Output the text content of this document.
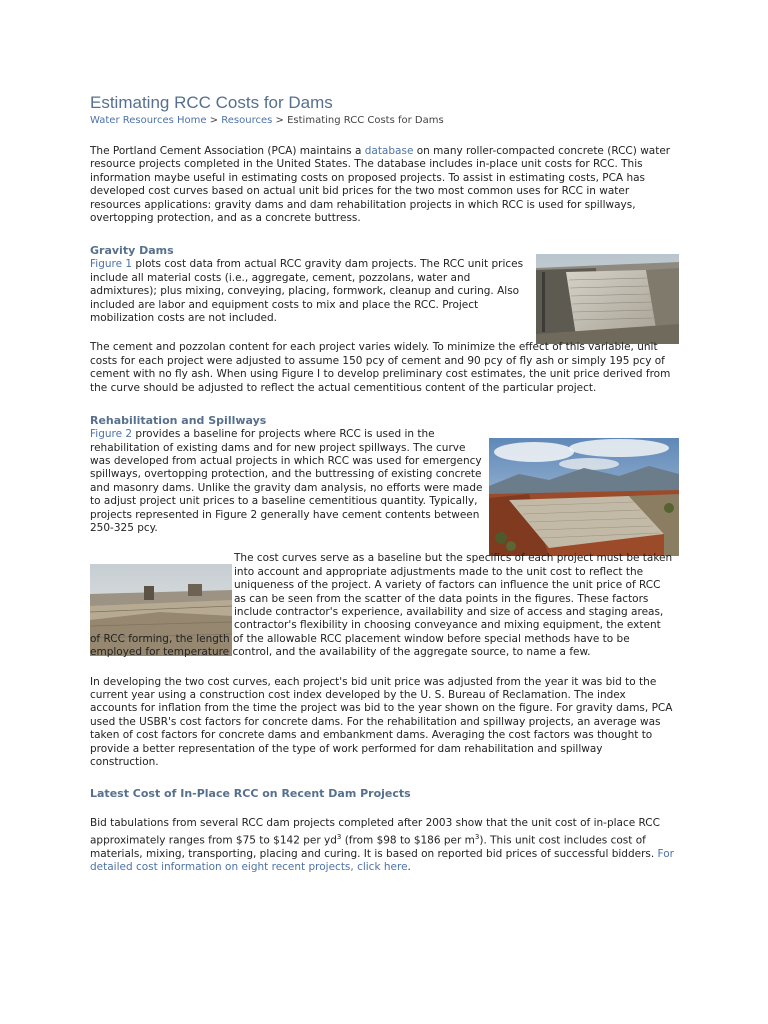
Estimating RCC Costs for Dams
Water Resources Home > Resources > Estimating RCC Costs for Dams

The Portland Cement Association (PCA) maintains a database on many roller-compacted concrete (RCC) water resource projects completed in the United States. The database includes in-place unit costs for RCC. This information maybe useful in estimating costs on proposed projects. To assist in estimating costs, PCA has developed cost curves based on actual unit bid prices for the two most common uses for RCC in water resources applications: gravity dams and dam rehabilitation projects in which RCC is used for spillways, overtopping protection, and as a concrete buttress.

Gravity Dams

Figure 1 plots cost data from actual RCC gravity dam projects. The RCC unit prices include all material costs (i.e., aggregate, cement, pozzolans, water and admixtures); plus mixing, conveying, placing, formwork, cleanup and curing. Also included are labor and equipment costs to mix and place the RCC. Project mobilization costs are not included.

The cement and pozzolan content for each project varies widely. To minimize the effect of this variable, unit costs for each project were adjusted to assume 150 pcy of cement and 90 pcy of fly ash or simply 195 pcy of cement with no fly ash. When using Figure I to develop preliminary cost estimates, the unit price derived from the curve should be adjusted to reflect the actual cementitious content of the particular project.

Rehabilitation and Spillways

Figure 2 provides a baseline for projects where RCC is used in the rehabilitation of existing dams and for new project spillways. The curve was developed from actual projects in which RCC was used for emergency spillways, overtopping protection, and the buttressing of existing concrete and masonry dams. Unlike the gravity dam analysis, no efforts were made to adjust project unit prices to a baseline cementitious quantity. Typically, projects represented in Figure 2 generally have cement contents between 250-325 pcy.

The cost curves serve as a baseline but the specifics of each project must be taken into account and appropriate adjustments made to the unit cost to reflect the uniqueness of the project. A variety of factors can influence the unit price of RCC as can be seen from the scatter of the data points in the figures. These factors include contractor's experience, availability and size of access and staging areas, contractor's flexibility in choosing conveyance and mixing equipment, the extent of RCC forming, the length of the allowable RCC placement window before special methods have to be employed for temperature control, and the availability of the aggregate source, to name a few.

In developing the two cost curves, each project's bid unit price was adjusted from the year it was bid to the current year using a construction cost index developed by the U. S. Bureau of Reclamation. The index accounts for inflation from the time the project was bid to the year shown on the figure. For gravity dams, PCA used the USBR's cost factors for concrete dams. For the rehabilitation and spillway projects, an average was taken of cost factors for concrete dams and embankment dams. Averaging the cost factors was thought to provide a better representation of the type of work performed for dam rehabilitation and spillway construction.

Latest Cost of In-Place RCC on Recent Dam Projects

Bid tabulations from several RCC dam projects completed after 2003 show that the unit cost of in-place RCC approximately ranges from $75 to $142 per $yd^3$ (from $98 to $186 per $m^3$). This unit cost includes cost of materials, mixing, transporting, placing and curing. It is based on reported bid prices of successful bidders. For detailed cost information on eight recent projects, click here.
